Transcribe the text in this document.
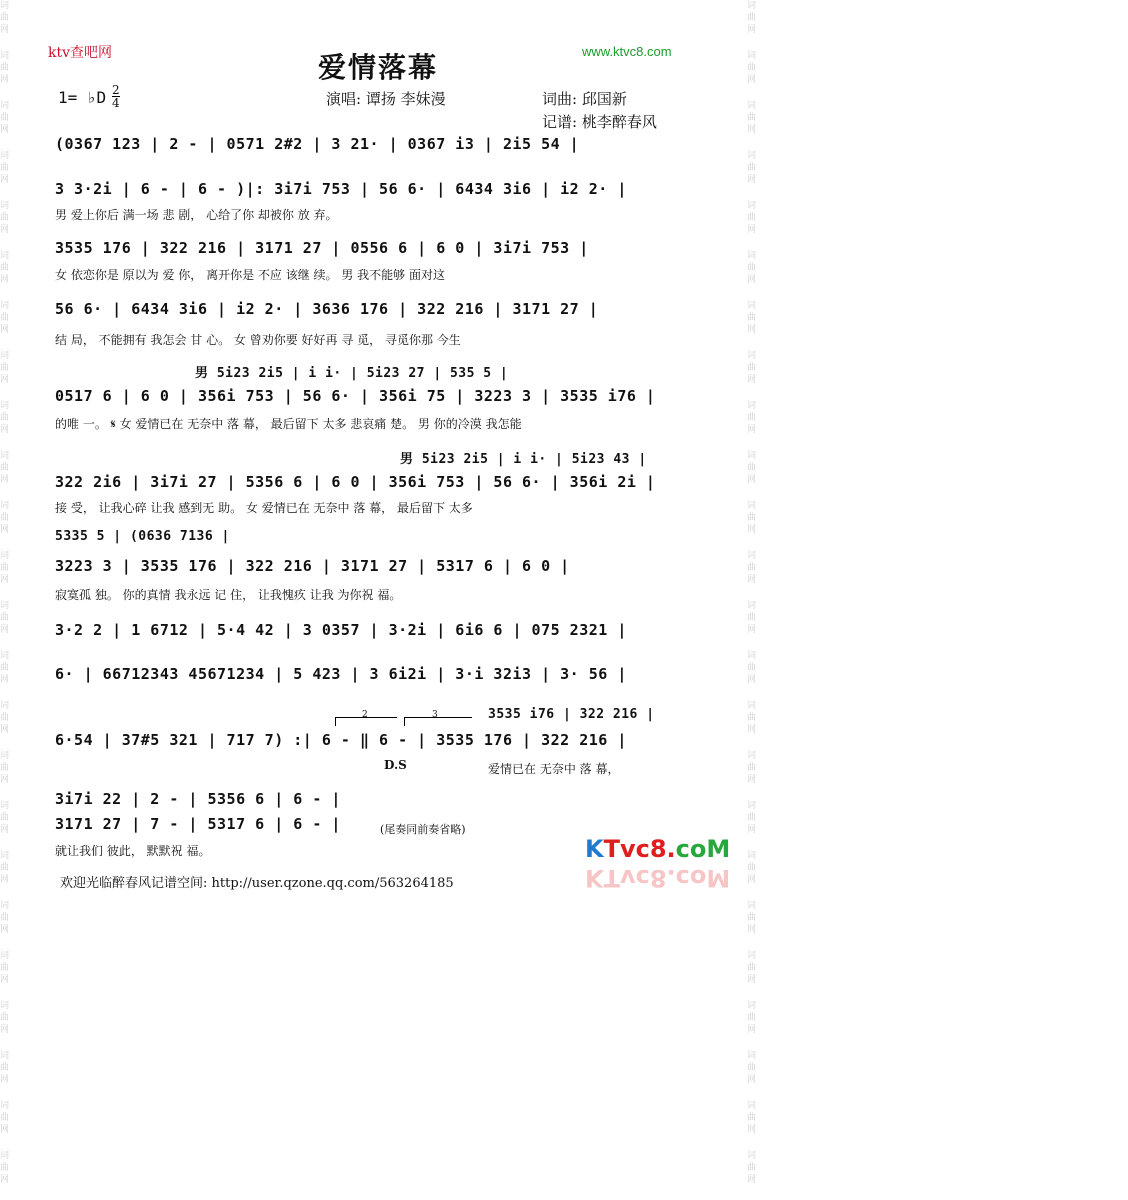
词
曲
网
词
曲
网
词
曲
网
词
曲
网
词
曲
网
词
曲
网
词
曲
网
词
曲
网
词
曲
网
词
曲
网
词
曲
网
词
曲
网
词
曲
网
词
曲
网
词
曲
网
词
曲
网
词
曲
网
词
曲
网
词
曲
网
词
曲
网
词
曲
网
词
曲
网
词
曲
网
词
曲
网
词
曲
网
词
曲
网
词
曲
网
词
曲
网
词
曲
网
词
曲
网
词
曲
网
词
曲
网
词
曲
网
词
曲
网
词
曲
网
词
曲
网
词
曲
网
词
曲
网
词
曲
网
词
曲
网
词
曲
网
词
曲
网
词
曲
网
词
曲
网
词
曲
网
词
曲
网
词
曲
网
词
曲
网
ktv查吧网	www.ktvc8.com
爱情落幕
1= ♭D 2
4	演唱: 谭扬 李妹漫	词曲: 邱国新
记谱: 桃李醉春风
(0367 123 | 2 - | 0571 2#2 | 3 21· | 0367 i3 | 2i5 54 |
3 3·2i | 6 - | 6 - )|: 3i7i 753 | 56 6· | 6434 3i6 | i2 2· |
男 爱上你后 满一场 悲 剧， 心给了你 却被你 放 弃。
3535 176 | 322 216 | 3171 27 | 0556 6 | 6 0 | 3i7i 753 |
女 依恋你是 原以为 爱 你， 离开你是 不应 该继 续。 男 我不能够 面对这
56 6· | 6434 3i6 | i2 2· | 3636 176 | 322 216 | 3171 27 |
结 局， 不能拥有 我怎会 甘 心。 女 曾劝你要 好好再 寻 觅， 寻觅你那 今生
男 5i23 2i5 | i i· | 5i23 27 | 535 5 |
0517 6 | 6 0 | 356i 753 | 56 6· | 356i 75 | 3223 3 | 3535 i76 |
的唯 一。 𝄋 女 爱情已在 无奈中 落 幕， 最后留下 太多 悲哀痛 楚。 男 你的冷漠 我怎能
男 5i23 2i5 | i i· | 5i23 43 |
322 2i6 | 3i7i 27 | 5356 6 | 6 0 | 356i 753 | 56 6· | 356i 2i |
接 受， 让我心碎 让我 感到无 助。 女 爱情已在 无奈中 落 幕， 最后留下 太多
5335 5 | (0636 7136 |
3223 3 | 3535 176 | 322 216 | 3171 27 | 5317 6 | 6 0 |
寂寞孤 独。 你的真情 我永远 记 住， 让我愧疚 让我 为你祝 福。
3·2 2 | 1 6712 | 5·4 42 | 3 0357 | 3·2i | 6i6 6 | 075 2321 |
6· | 66712343 45671234 | 5 423 | 3 6i2i | 3·i 32i3 | 3· 56 |
3535 i76 | 322 216 |
6·54 | 37#5 321 | 717 7) :| 6 - ‖ 6 - | 3535 176 | 322 216 |
爱情已在 无奈中 落 幕，
3i7i 22 | 2 - | 5356 6 | 6 - |
3171 27 | 7 - | 5317 6 | 6 - |
就让我们 彼此， 默默祝 福。
2	3
D.S
(尾奏同前奏省略)
KTvc8.coM
KTvc8.coM
欢迎光临醉春风记谱空间: http://user.qzone.qq.com/563264185
